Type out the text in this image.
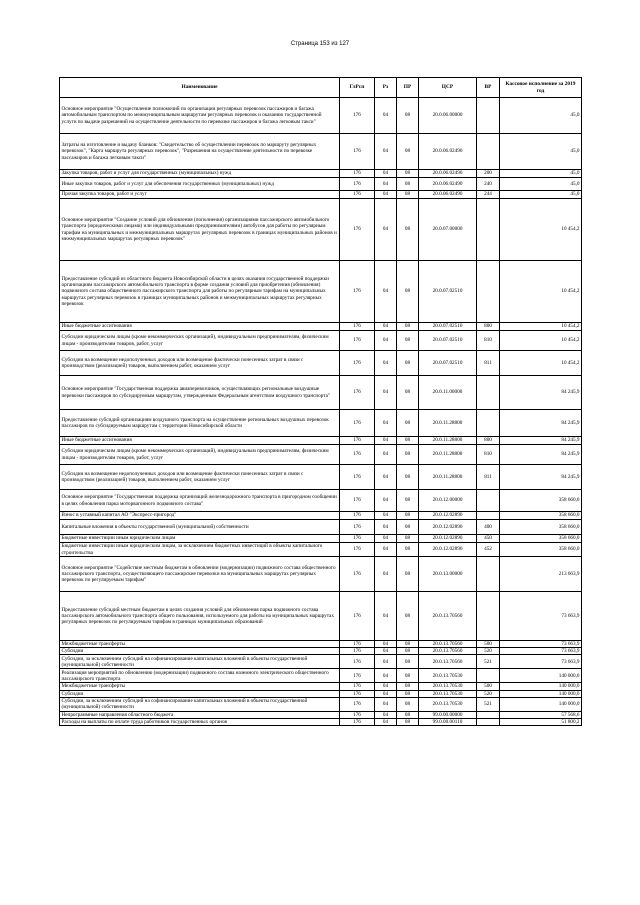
Страница 153 из 127
Наименование	ГлРсп	Рз	ПР	ЦСР	ВР	Кассовое исполнение за 2019 год
Основное мероприятие "Осуществление полномочий по организации регулярных перевозок пассажиров и багажа автомобильным транспортом по межмуниципальным маршрутам регулярных перевозок и оказанию государственной услуги по выдаче разрешений на осуществление деятельности по перевозке пассажиров и багажа легковым такси"	176	04	08	20.0.06.00000		45,0
Затраты на изготовление и выдачу бланков: "Свидетельство об осуществлении перевозок по маршруту регулярных перевозок", "Карта маршрута регулярных перевозок", "Разрешения на осуществление деятельности по перевозке пассажиров и багажа легковым такси"	176	04	08	20.0.06.02490		45,0
Закупка товаров, работ и услуг для государственных (муниципальных) нужд	176	04	08	20.0.06.02490	200	45,0
Иные закупки товаров, работ и услуг для обеспечения государственных (муниципальных) нужд	176	04	08	20.0.06.02490	240	45,0
Прочая закупка товаров, работ и услуг	176	04	08	20.0.06.02490	244	45,0
Основное мероприятие "Создание условий для обновления (пополнения) организациями пассажирского автомобильного транспорта (юридическими лицами) или индивидуальными предпринимателями) автобусов для работы по регулярным тарифам на муниципальных и межмуниципальных маршрутах регулярных перевозок в границах муниципальных районов и межмуниципальных маршрутах регулярных перевозок"	176	04	08	20.0.07.00000		10 454,2
Предоставление субсидий из областного бюджета Новосибирской области в целях оказания государственной поддержки организациям пассажирского автомобильного транспорта в форме создания условий для приобретения (обновления) подвижного состава общественного пассажирского транспорта для работы по регулярным тарифам на муниципальных маршрутах регулярных перевозок в границах муниципальных районов и межмуниципальных маршрутах регулярных перевозок	176	04	08	20.0.07.02510		10 454,2
Иные бюджетные ассигнования	176	04	08	20.0.07.02510	800	10 454,2
Субсидии юридическим лицам (кроме некоммерческих организаций), индивидуальным предпринимателям, физическим лицам - производителям товаров, работ, услуг	176	04	08	20.0.07.02510	810	10 454,2
Субсидии на возмещение недополученных доходов или возмещение фактически понесенных затрат в связи с производством (реализацией) товаров, выполнением работ, оказанием услуг	176	04	08	20.0.07.02510	811	10 454,2
Основное мероприятие "Государственная поддержка авиаперевозчиков, осуществляющих региональные воздушные перевозки пассажиров по субсидируемым маршрутам, утвержденным Федеральным агентством воздушного транспорта"	176	04	08	20.0.11.00000		84 245,9
Предоставление субсидий организациям воздушного транспорта на осуществление региональных воздушных перевозок пассажиров по субсидируемым маршрутам с территории Новосибирской области	176	04	08	20.0.11.28800		84 245,9
Иные бюджетные ассигнования	176	04	08	20.0.11.28800	800	84 245,9
Субсидии юридическим лицам (кроме некоммерческих организаций), индивидуальным предпринимателям, физическим лицам - производителям товаров, работ, услуг	176	04	08	20.0.11.28800	810	84 245,9
Субсидии на возмещение недополученных доходов или возмещение фактически понесенных затрат в связи с производством (реализацией) товаров, выполнением работ, оказанием услуг	176	04	08	20.0.11.28800	811	84 245,9
Основное мероприятие "Государственная поддержка организаций железнодорожного транспорта в пригородном сообщении в целях обновления парка моторвагонного подвижного состава"	176	04	08	20.0.12.00000		358 660,0
Взнос в уставный капитал АО "Экспресс-пригород"	176	04	08	20.0.12.02890		358 660,0
Капитальные вложения в объекты государственной (муниципальной) собственности	176	04	08	20.0.12.02890	400	358 660,0
Бюджетные инвестиции иным юридическим лицам	176	04	08	20.0.12.02890	450	358 660,0
Бюджетные инвестиции иным юридическим лицам, за исключением бюджетных инвестиций в объекты капитального строительства	176	04	08	20.0.12.02890	452	358 660,0
Основное мероприятие "Содействие местным бюджетам в обновлении (модернизации) подвижного состава общественного пассажирского транспорта, осуществляющего пассажирские перевозки на муниципальных маршрутах регулярных перевозок по регулируемым тарифам"	176	04	08	20.0.13.00000		213 663,9
Предоставление субсидий местным бюджетам в целях создания условий для обновления парка подвижного состава пассажирского автомобильного транспорта общего пользования, используемого для работы на муниципальных маршрутах регулярных перевозок по регулируемым тарифам в границах муниципальных образований	176	04	08	20.0.13.70560		73 663,9
Межбюджетные трансферты	176	04	08	20.0.13.70560	500	73 663,9
Субсидии	176	04	08	20.0.13.70560	520	73 663,9
Субсидии, за исключением субсидий на софинансирование капитальных вложений в объекты государственной (муниципальной) собственности	176	04	08	20.0.13.70560	521	73 663,9
Реализация мероприятий по обновлению (модернизации) подвижного состава наземного электрического общественного пассажирского транспорта	176	04	08	20.0.13.70530		140 000,0
Межбюджетные трансферты	176	04	08	20.0.13.70530	500	140 000,0
Субсидии	176	04	08	20.0.13.70530	520	140 000,0
Субсидии, за исключением субсидий на софинансирование капитальных вложений в объекты государственной (муниципальной) собственности	176	04	08	20.0.13.70530	521	140 000,0
Непрограммные направления областного бюджета	176	04	08	99.0.00.00000		57 568,6
Расходы на выплаты по оплате труда работников государственных органов	176	04	08	99.0.00.00110		51 800,2
